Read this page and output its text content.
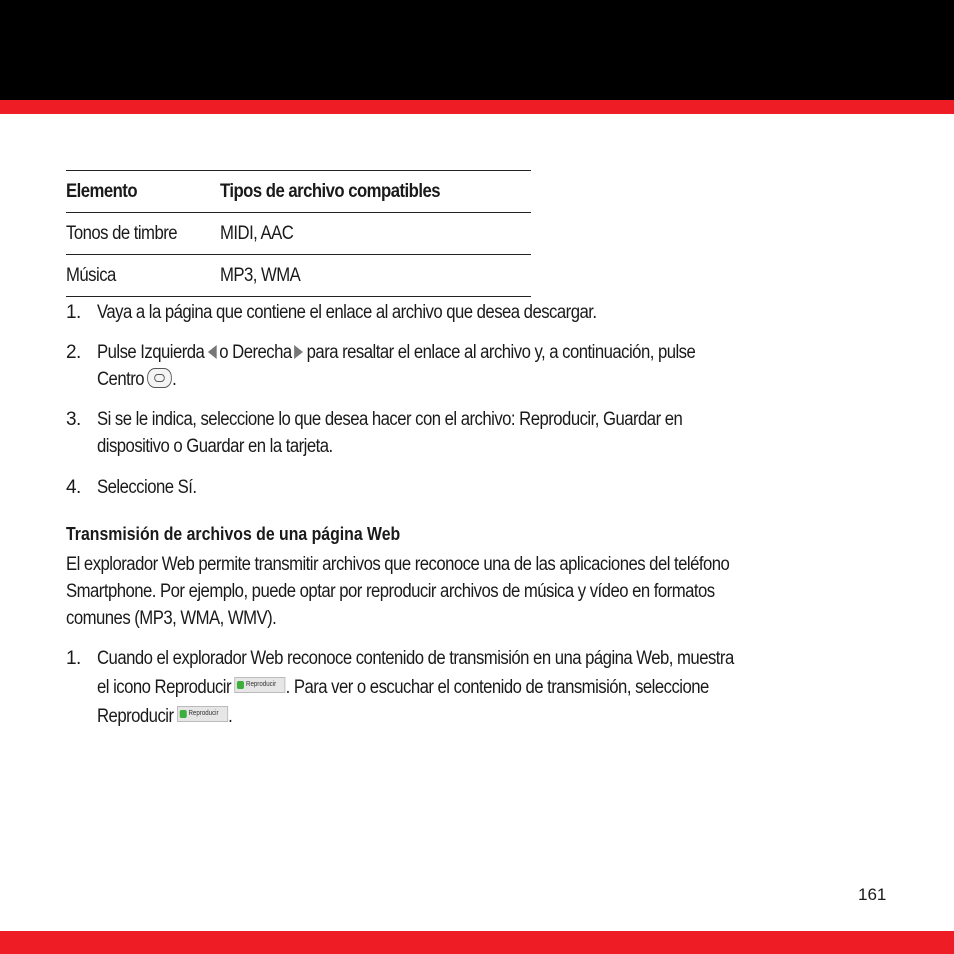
Elemento	Tipos de archivo compatibles
Tonos de timbre	MIDI, AAC
Música	MP3, WMA
1. Vaya a la página que contiene el enlace al archivo que desea descargar.
2. Pulse Izquierda o Derecha para resaltar el enlace al archivo y, a continuación, pulse
Centro .
3. Si se le indica, seleccione lo que desea hacer con el archivo: Reproducir, Guardar en
dispositivo o Guardar en la tarjeta.
4. Seleccione Sí.
Transmisión de archivos de una página Web
El explorador Web permite transmitir archivos que reconoce una de las aplicaciones del teléfono
Smartphone. Por ejemplo, puede optar por reproducir archivos de música y vídeo en formatos
comunes (MP3, WMA, WMV).
1. Cuando el explorador Web reconoce contenido de transmisión en una página Web, muestra
el icono Reproducir Reproducir . Para ver o escuchar el contenido de transmisión, seleccione
Reproducir Reproducir .
161
